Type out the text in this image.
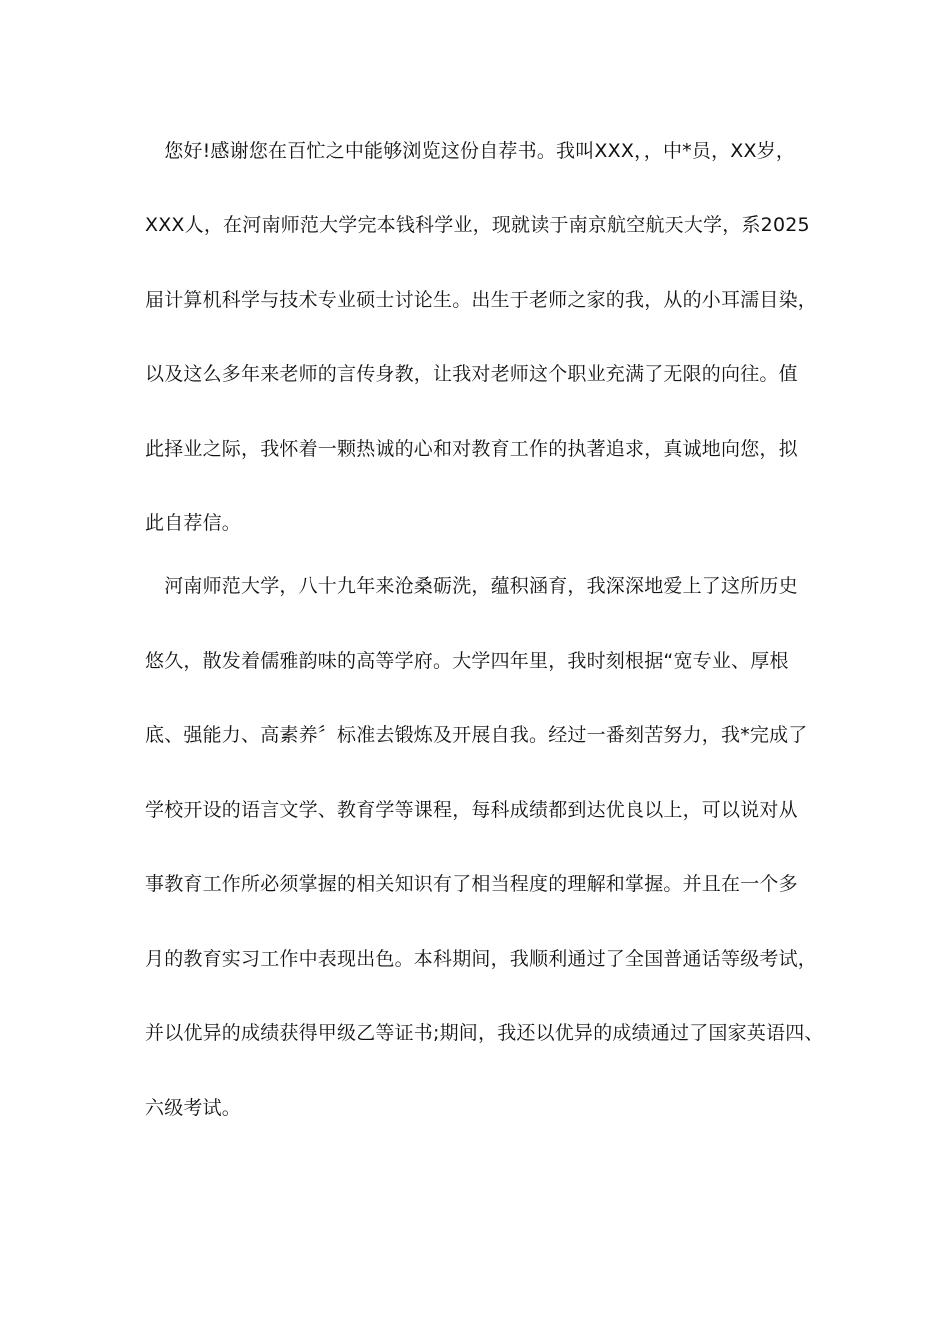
　您好!感谢您在百忙之中能够浏览这份自荐书。我叫XXX，，中*员，XX岁，
XXX人，在河南师范大学完本钱科学业，现就读于南京航空航天大学，系2025
届计算机科学与技术专业硕士讨论生。出生于老师之家的我，从的小耳濡目染，
以及这么多年来老师的言传身教，让我对老师这个职业充满了无限的向往。值
此择业之际，我怀着一颗热诚的心和对教育工作的执著追求，真诚地向您，拟
此自荐信。
　河南师范大学，八十九年来沧桑砺洗，蕴积涵育，我深深地爱上了这所历史
悠久，散发着儒雅韵味的高等学府。大学四年里，我时刻根据“宽专业、厚根
底、强能力、高素养〞标准去锻炼及开展自我。经过一番刻苦努力，我*完成了
学校开设的语言文学、教育学等课程，每科成绩都到达优良以上，可以说对从
事教育工作所必须掌握的相关知识有了相当程度的理解和掌握。并且在一个多
月的教育实习工作中表现出色。本科期间，我顺利通过了全国普通话等级考试，
并以优异的成绩获得甲级乙等证书;期间，我还以优异的成绩通过了国家英语四、
六级考试。
